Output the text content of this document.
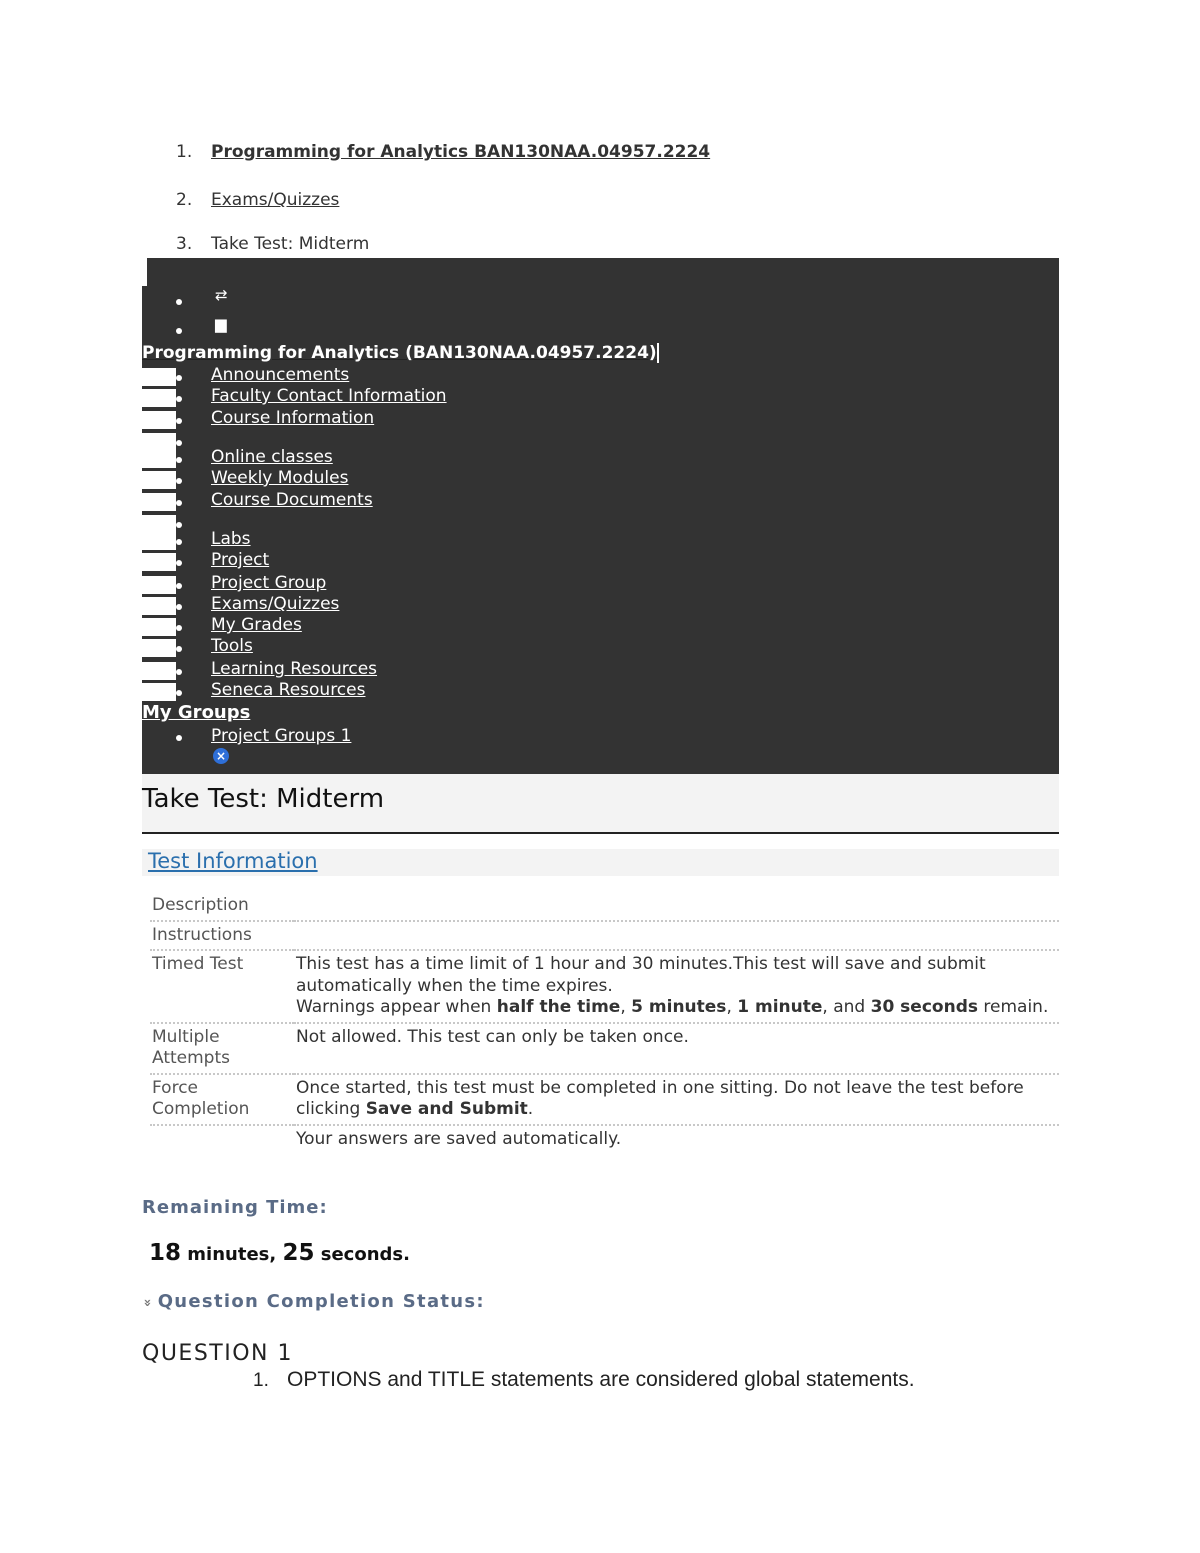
1. Programming for Analytics BAN130NAA.04957.2224
2. Exams/Quizzes
3. Take Test: Midterm
⇄
▆
Programming for Analytics (BAN130NAA.04957.2224)
Announcements
Faculty Contact Information
Course Information
Online classes
Weekly Modules
Course Documents
Labs
Project
Project Group
Exams/Quizzes
My Grades
Tools
Learning Resources
Seneca Resources
My Groups
Project Groups 1
×
Take Test: Midterm
Test Information
Description	
Instructions	
Timed Test	This test has a time limit of 1 hour and 30 minutes.This test will save and submit automatically when the time expires.
Warnings appear when half the time, 5 minutes, 1 minute, and 30 seconds remain.
Multiple Attempts	Not allowed. This test can only be taken once.
Force Completion	Once started, this test must be completed in one sitting. Do not leave the test before clicking Save and Submit.
	Your answers are saved automatically.
Remaining Time:
18 minutes, 25 seconds.
» Question Completion Status:
QUESTION 1
1. OPTIONS and TITLE statements are considered global statements.
